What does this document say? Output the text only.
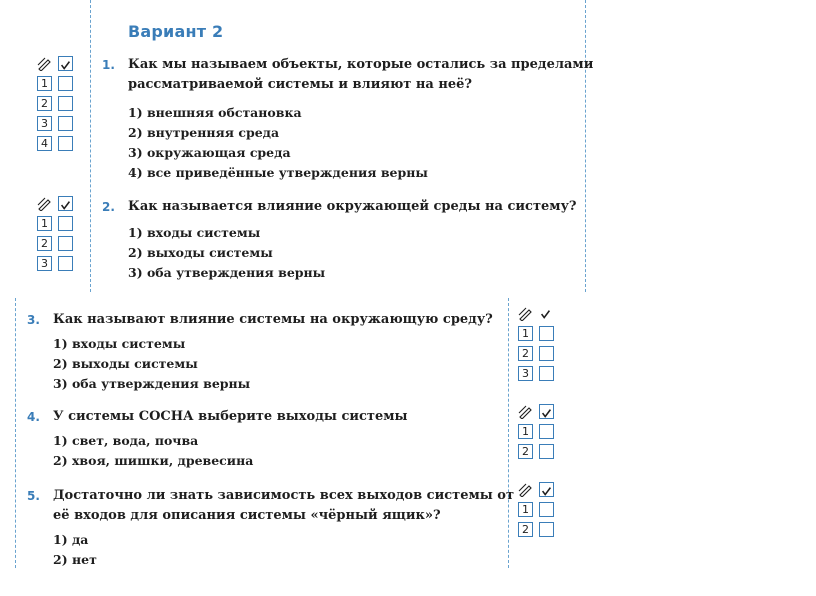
Вариант 2
1. Как мы называем объекты, которые остались за пределами
рассматриваемой системы и влияют на неё?
1) внешняя обстановка
2) внутренняя среда
3) окружающая среда
4) все приведённые утверждения верны
1
2
3
4
2. Как называется влияние окружающей среды на систему?
1) входы системы
2) выходы системы
3) оба утверждения верны
1
2
3
3. Как называют влияние системы на окружающую среду?
1) входы системы
2) выходы системы
3) оба утверждения верны
1
2
3
4. У системы СОСНА выберите выходы системы
1) свет, вода, почва
2) хвоя, шишки, древесина
1
2
5. Достаточно ли знать зависимость всех выходов системы от
её входов для описания системы «чёрный ящик»?
1) да
2) нет
1
2
